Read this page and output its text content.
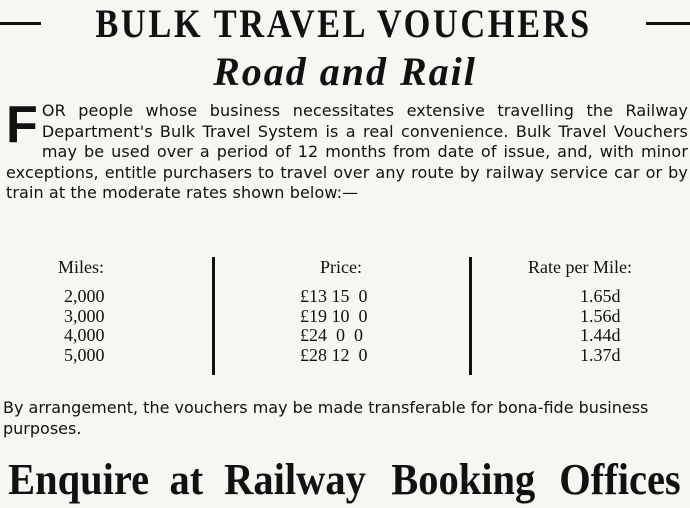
BULK TRAVEL VOUCHERS
Road and Rail
FOR people whose business necessitates extensive travelling the Railway Department's Bulk Travel System is a real convenience. Bulk Travel Vouchers may be used over a period of 12 months from date of issue, and, with minor exceptions, entitle purchasers to travel over any route by railway service car or by train at the moderate rates shown below:—
Miles:
2,000
3,000
4,000
5,000
Price:
£13 15  0
£19 10  0
£24  0  0
£28 12  0
Rate per Mile:
1.65d
1.56d
1.44d
1.37d
By arrangement, the vouchers may be made transferable for bona-fide business purposes.
Enquire at Railway Booking Offices
